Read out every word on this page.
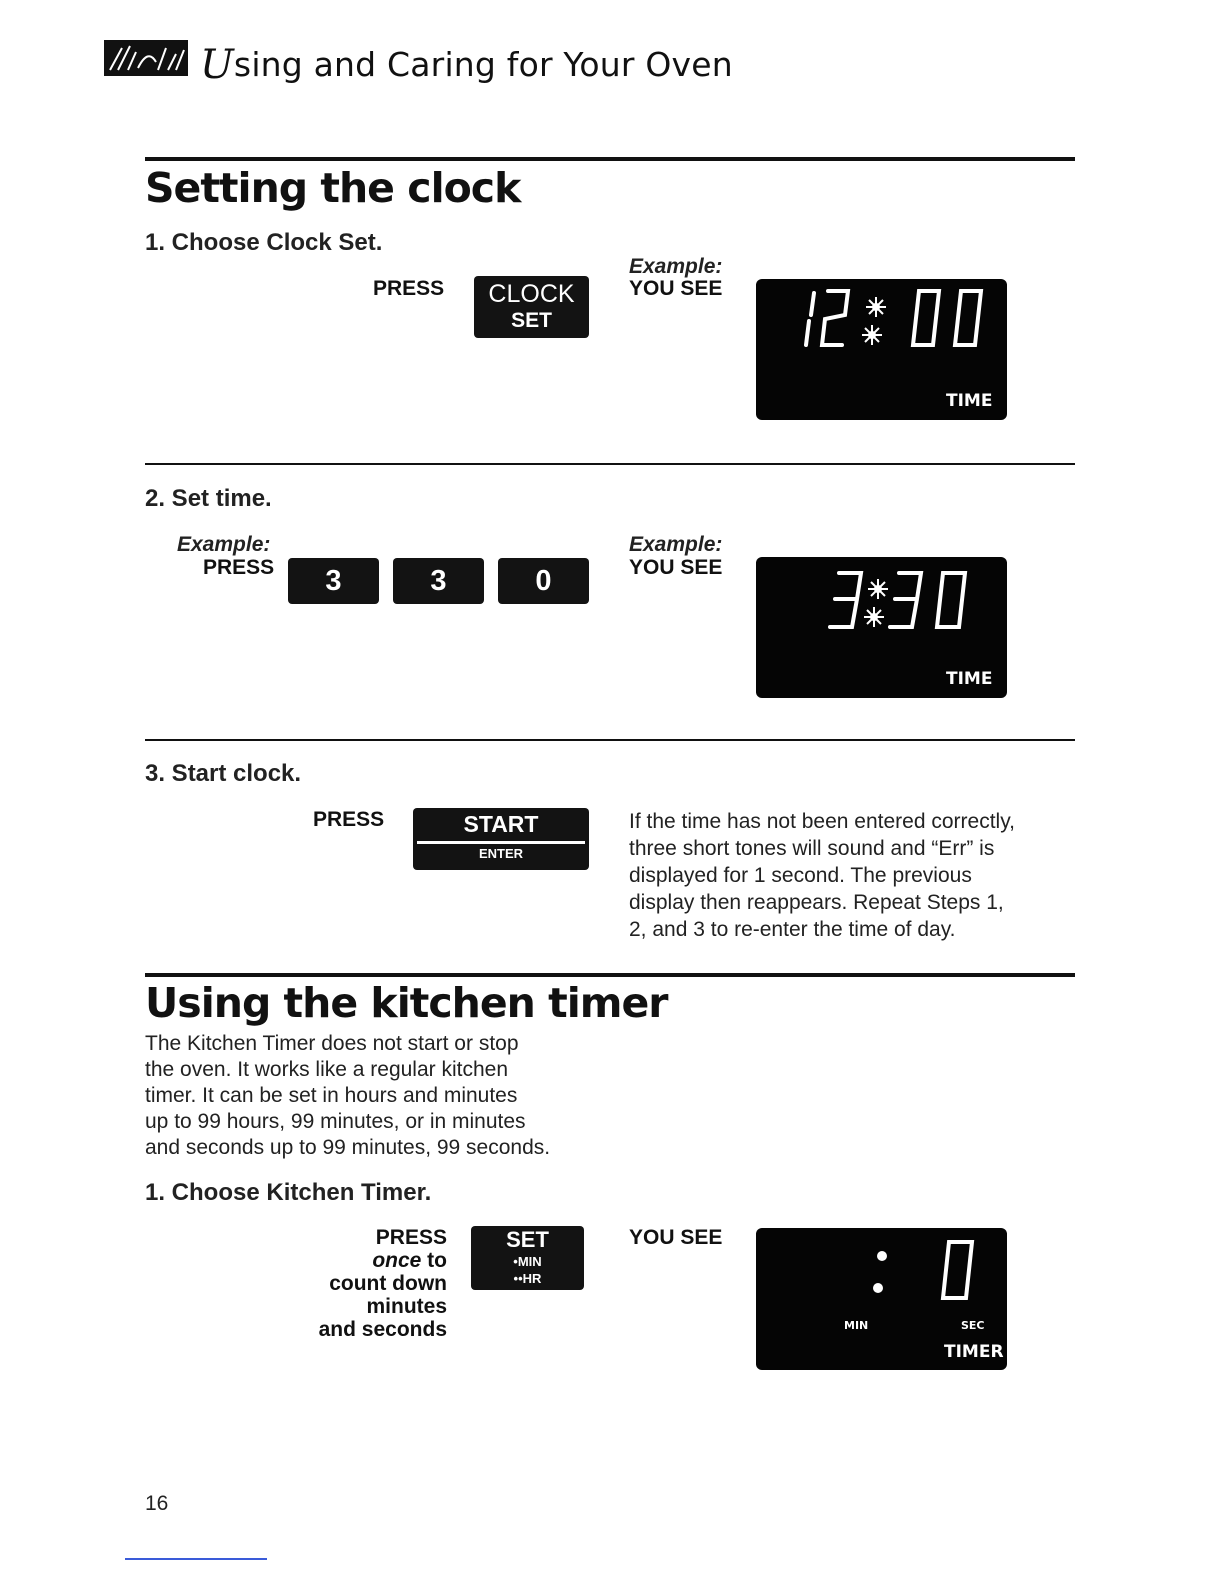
Using and Caring for Your Oven
Setting the clock
1. Choose Clock Set.
PRESS	CLOCK
SET
Example:
YOU SEE
TIME
2. Set time.
Example:
PRESS	3	3	0
Example:
YOU SEE
TIME
3. Start clock.
PRESS	START
ENTER
If the time has not been entered correctly,
three short tones will sound and “Err” is
displayed for 1 second. The previous
display then reappears. Repeat Steps 1,
2, and 3 to re-enter the time of day.
Using the kitchen timer
The Kitchen Timer does not start or stop
the oven. It works like a regular kitchen
timer. It can be set in hours and minutes
up to 99 hours, 99 minutes, or in minutes
and seconds up to 99 minutes, 99 seconds.
1. Choose Kitchen Timer.
PRESS
once to
count down
minutes
and seconds
SET
•MIN
••HR
YOU SEE
MIN	SEC
TIMER
16
